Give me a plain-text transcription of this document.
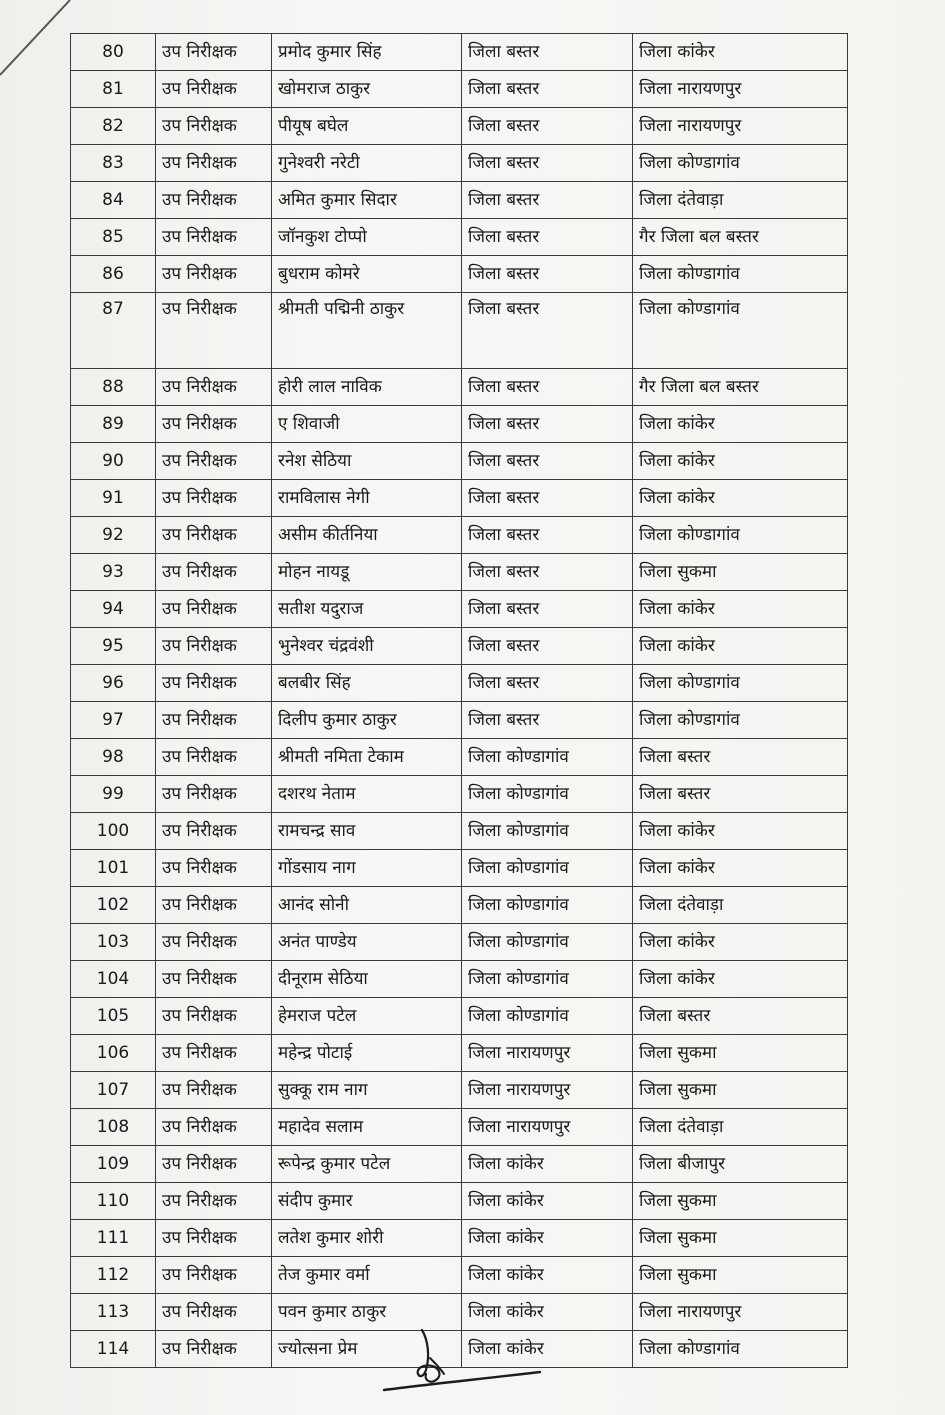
80	उप निरीक्षक	प्रमोद कुमार सिंह	जिला बस्तर	जिला कांकेर
81	उप निरीक्षक	खोमराज ठाकुर	जिला बस्तर	जिला नारायणपुर
82	उप निरीक्षक	पीयूष बघेल	जिला बस्तर	जिला नारायणपुर
83	उप निरीक्षक	गुनेश्वरी नरेटी	जिला बस्तर	जिला कोण्डागांव
84	उप निरीक्षक	अमित कुमार सिदार	जिला बस्तर	जिला दंतेवाड़ा
85	उप निरीक्षक	जॉनकुश टोप्पो	जिला बस्तर	गैर जिला बल बस्तर
86	उप निरीक्षक	बुधराम कोमरे	जिला बस्तर	जिला कोण्डागांव
87	उप निरीक्षक	श्रीमती पद्मिनी ठाकुर	जिला बस्तर	जिला कोण्डागांव
88	उप निरीक्षक	होरी लाल नाविक	जिला बस्तर	गैर जिला बल बस्तर
89	उप निरीक्षक	ए शिवाजी	जिला बस्तर	जिला कांकेर
90	उप निरीक्षक	रनेश सेठिया	जिला बस्तर	जिला कांकेर
91	उप निरीक्षक	रामविलास नेगी	जिला बस्तर	जिला कांकेर
92	उप निरीक्षक	असीम कीर्तनिया	जिला बस्तर	जिला कोण्डागांव
93	उप निरीक्षक	मोहन नायडू	जिला बस्तर	जिला सुकमा
94	उप निरीक्षक	सतीश यदुराज	जिला बस्तर	जिला कांकेर
95	उप निरीक्षक	भुनेश्वर चंद्रवंशी	जिला बस्तर	जिला कांकेर
96	उप निरीक्षक	बलबीर सिंह	जिला बस्तर	जिला कोण्डागांव
97	उप निरीक्षक	दिलीप कुमार ठाकुर	जिला बस्तर	जिला कोण्डागांव
98	उप निरीक्षक	श्रीमती नमिता टेकाम	जिला कोण्डागांव	जिला बस्तर
99	उप निरीक्षक	दशरथ नेताम	जिला कोण्डागांव	जिला बस्तर
100	उप निरीक्षक	रामचन्द्र साव	जिला कोण्डागांव	जिला कांकेर
101	उप निरीक्षक	गोंडसाय नाग	जिला कोण्डागांव	जिला कांकेर
102	उप निरीक्षक	आनंद सोनी	जिला कोण्डागांव	जिला दंतेवाड़ा
103	उप निरीक्षक	अनंत पाण्डेय	जिला कोण्डागांव	जिला कांकेर
104	उप निरीक्षक	दीनूराम सेठिया	जिला कोण्डागांव	जिला कांकेर
105	उप निरीक्षक	हेमराज पटेल	जिला कोण्डागांव	जिला बस्तर
106	उप निरीक्षक	महेन्द्र पोटाई	जिला नारायणपुर	जिला सुकमा
107	उप निरीक्षक	सुक्कू राम नाग	जिला नारायणपुर	जिला सुकमा
108	उप निरीक्षक	महादेव सलाम	जिला नारायणपुर	जिला दंतेवाड़ा
109	उप निरीक्षक	रूपेन्द्र कुमार पटेल	जिला कांकेर	जिला बीजापुर
110	उप निरीक्षक	संदीप कुमार	जिला कांकेर	जिला सुकमा
111	उप निरीक्षक	लतेश कुमार शोरी	जिला कांकेर	जिला सुकमा
112	उप निरीक्षक	तेज कुमार वर्मा	जिला कांकेर	जिला सुकमा
113	उप निरीक्षक	पवन कुमार ठाकुर	जिला कांकेर	जिला नारायणपुर
114	उप निरीक्षक	ज्योत्सना प्रेम	जिला कांकेर	जिला कोण्डागांव
